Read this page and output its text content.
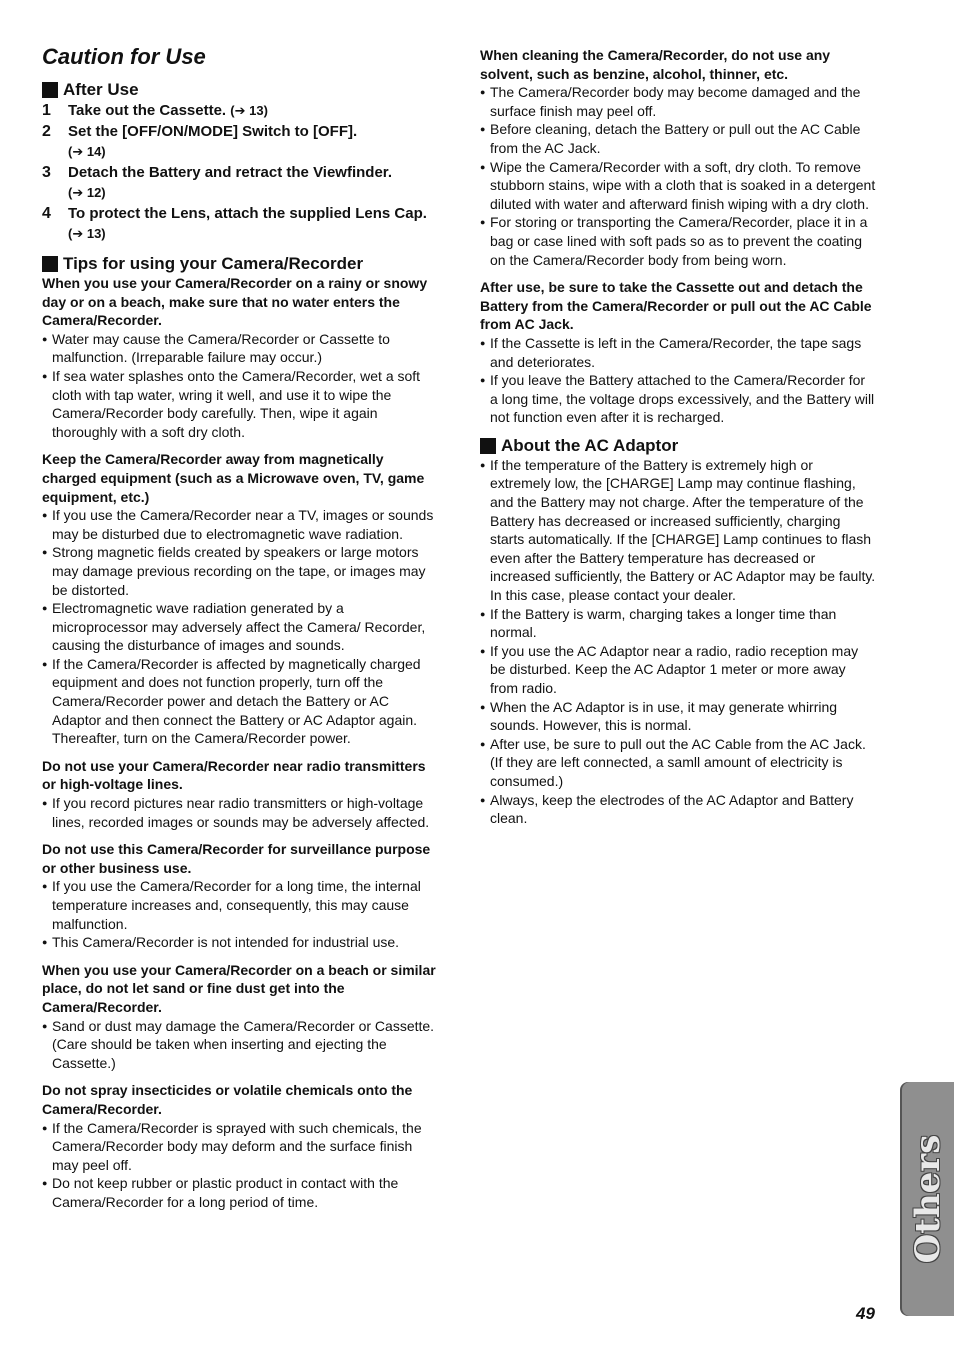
Caution for Use
After Use
1	Take out the Cassette. (➔ 13)
2	Set the [OFF/ON/MODE] Switch to [OFF].
(➔ 14)
3	Detach the Battery and retract the Viewfinder.
(➔ 12)
4	To protect the Lens, attach the supplied Lens Cap. (➔ 13)
Tips for using your Camera/Recorder

When you use your Camera/Recorder on a rainy or snowy day or on a beach, make sure that no water enters the Camera/Recorder.

● Water may cause the Camera/Recorder or Cassette to malfunction. (Irreparable failure may occur.)
● If sea water splashes onto the Camera/Recorder, wet a soft cloth with tap water, wring it well, and use it to wipe the Camera/Recorder body carefully. Then, wipe it again thoroughly with a soft dry cloth.

Keep the Camera/Recorder away from magnetically charged equipment (such as a Microwave oven, TV, game equipment, etc.)

● If you use the Camera/Recorder near a TV, images or sounds may be disturbed due to electromagnetic wave radiation.
● Strong magnetic fields created by speakers or large motors may damage previous recording on the tape, or images may be distorted.
● Electromagnetic wave radiation generated by a microprocessor may adversely affect the Camera/ Recorder, causing the disturbance of images and sounds.
● If the Camera/Recorder is affected by magnetically charged equipment and does not function properly, turn off the Camera/Recorder power and detach the Battery or AC Adaptor and then connect the Battery or AC Adaptor again. Thereafter, turn on the Camera/Recorder power.

Do not use your Camera/Recorder near radio transmitters or high-voltage lines.

● If you record pictures near radio transmitters or high-voltage lines, recorded images or sounds may be adversely affected.

Do not use this Camera/Recorder for surveillance purpose or other business use.

● If you use the Camera/Recorder for a long time, the internal temperature increases and, consequently, this may cause malfunction.
● This Camera/Recorder is not intended for industrial use.

When you use your Camera/Recorder on a beach or similar place, do not let sand or fine dust get into the Camera/Recorder.

● Sand or dust may damage the Camera/Recorder or Cassette. (Care should be taken when inserting and ejecting the Cassette.)

Do not spray insecticides or volatile chemicals onto the Camera/Recorder.

● If the Camera/Recorder is sprayed with such chemicals, the Camera/Recorder body may deform and the surface finish may peel off.
● Do not keep rubber or plastic product in contact with the Camera/Recorder for a long period of time.

When cleaning the Camera/Recorder, do not use any solvent, such as benzine, alcohol, thinner, etc.

● The Camera/Recorder body may become damaged and the surface finish may peel off.
● Before cleaning, detach the Battery or pull out the AC Cable from the AC Jack.
● Wipe the Camera/Recorder with a soft, dry cloth. To remove stubborn stains, wipe with a cloth that is soaked in a detergent diluted with water and afterward finish wiping with a dry cloth.
● For storing or transporting the Camera/Recorder, place it in a bag or case lined with soft pads so as to prevent the coating on the Camera/Recorder body from being worn.

After use, be sure to take the Cassette out and detach the Battery from the Camera/Recorder or pull out the AC Cable from AC Jack.

● If the Cassette is left in the Camera/Recorder, the tape sags and deteriorates.
● If you leave the Battery attached to the Camera/Recorder for a long time, the voltage drops excessively, and the Battery will not function even after it is recharged.
About the AC Adaptor
● If the temperature of the Battery is extremely high or extremely low, the [CHARGE] Lamp may continue flashing, and the Battery may not charge. After the temperature of the Battery has decreased or increased sufficiently, charging starts automatically. If the [CHARGE] Lamp continues to flash even after the Battery temperature has decreased or increased sufficiently, the Battery or AC Adaptor may be faulty. In this case, please contact your dealer.
● If the Battery is warm, charging takes a longer time than normal.
● If you use the AC Adaptor near a radio, radio reception may be disturbed. Keep the AC Adaptor 1 meter or more away from radio.
● When the AC Adaptor is in use, it may generate whirring sounds. However, this is normal.
● After use, be sure to pull out the AC Cable from the AC Jack. (If they are left connected, a samll amount of electricity is consumed.)
● Always, keep the electrodes of the AC Adaptor and Battery clean.
Others
49
